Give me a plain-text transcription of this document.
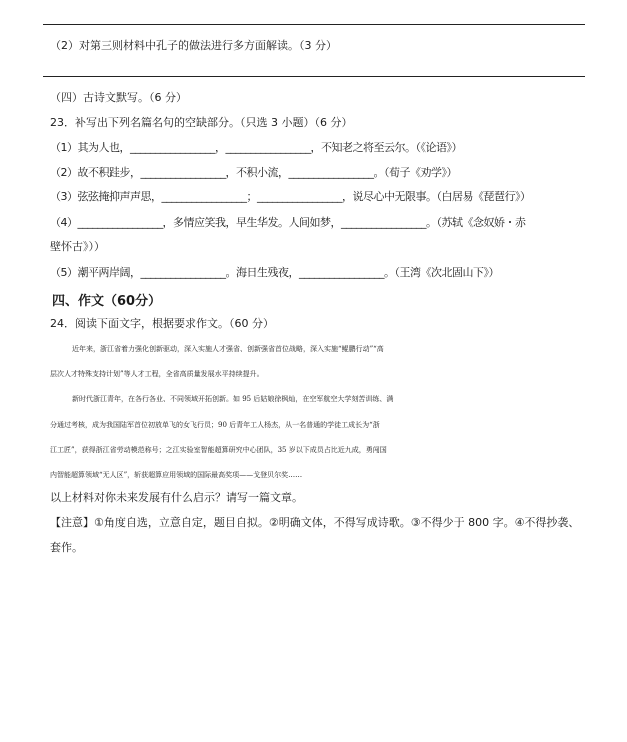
（2）对第三则材料中孔子的做法进行多方面解读。（3 分）
（四）古诗文默写。（6 分）
23．补写出下列名篇名句的空缺部分。（只选 3 小题）（6 分）
（1）其为人也，_________________，_________________，不知老之将至云尔。（《论语》）
（2）故不积跬步，_________________，不积小流，_________________。（荀子《劝学》）
（3）弦弦掩抑声声思，_________________；_________________，说尽心中无限事。（白居易《琵琶行》）
（4）_________________，多情应笑我，早生华发。人间如梦，_________________。（苏轼《念奴娇・赤
壁怀古》））
（5）潮平两岸阔，_________________。海日生残夜，_________________。（王湾《次北固山下》）
四、作文（60分）
24．阅读下面文字，根据要求作文。（60 分）
近年来，浙江省着力强化创新驱动，深入实施人才强省、创新强省首位战略，深入实施“鲲鹏行动”“高
层次人才特殊支持计划”等人才工程，全省高质量发展水平持续提升。
新时代浙江青年，在各行各业、不同领域开拓创新。如 95 后姑娘徐枫灿，在空军航空大学刻苦训练、满
分通过考核，成为我国陆军首位初放单飞的女飞行员；90 后青年工人杨杰，从一名普通的学徒工成长为“浙
江工匠”，获得浙江省劳动模范称号；之江实验室智能超算研究中心团队，35 岁以下成员占比近九成，勇闯国
内智能超算领域“无人区”，斩获超算应用领域的国际最高奖项——戈登贝尔奖……
以上材料对你未来发展有什么启示？请写一篇文章。
【注意】①角度自选，立意自定，题目自拟。②明确文体，不得写成诗歌。③不得少于 800 字。④不得抄袭、
套作。
